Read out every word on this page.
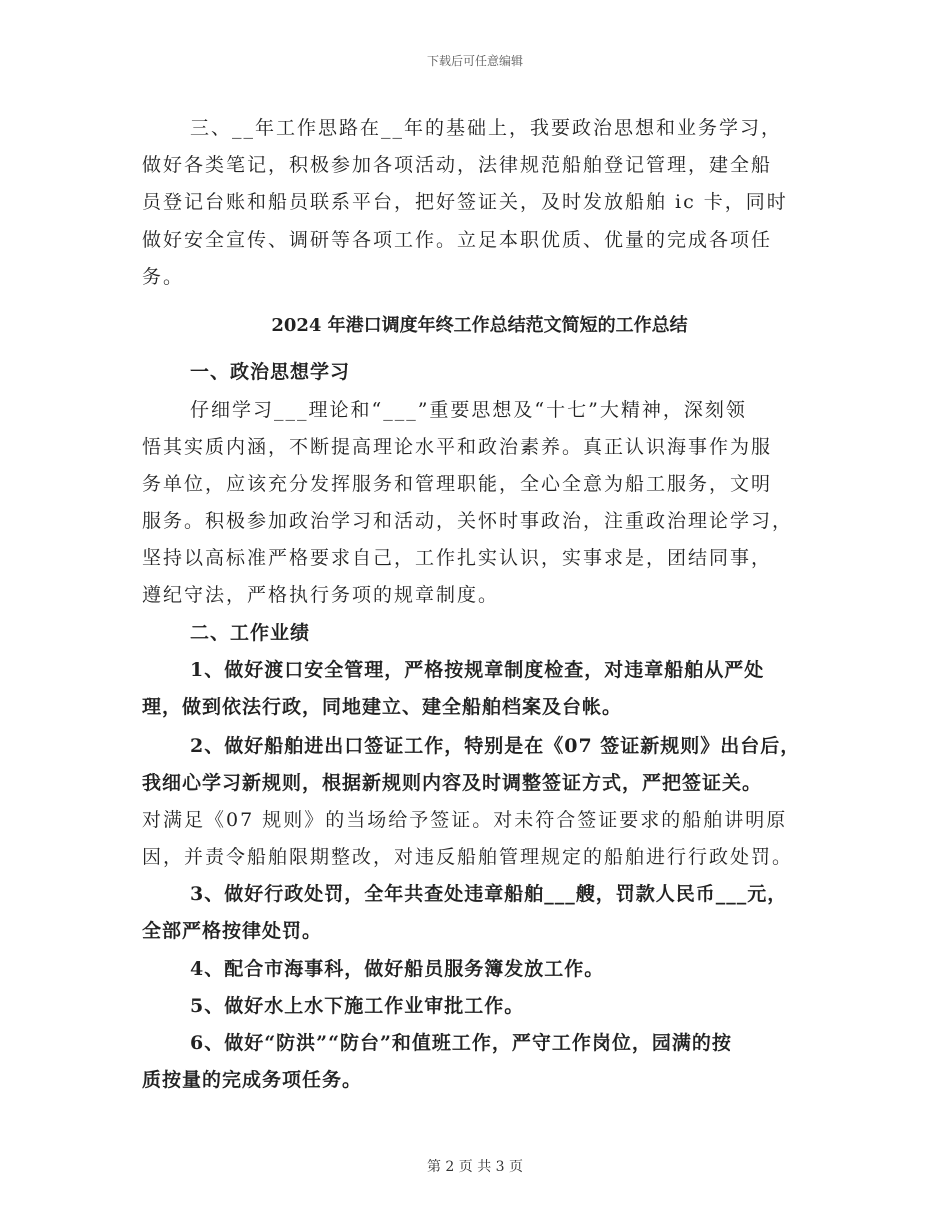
下载后可任意编辑
三、__年工作思路在__年的基础上，我要政治思想和业务学习，
做好各类笔记，积极参加各项活动，法律规范船舶登记管理，建全船
员登记台账和船员联系平台，把好签证关，及时发放船舶 ic 卡，同时
做好安全宣传、调研等各项工作。立足本职优质、优量的完成各项任
务。
2024 年港口调度年终工作总结范文简短的工作总结
一、政治思想学习
仔细学习___理论和“___”重要思想及“十七”大精神，深刻领
悟其实质内涵，不断提高理论水平和政治素养。真正认识海事作为服
务单位，应该充分发挥服务和管理职能，全心全意为船工服务，文明
服务。积极参加政治学习和活动，关怀时事政治，注重政治理论学习，
坚持以高标准严格要求自己，工作扎实认识，实事求是，团结同事，
遵纪守法，严格执行务项的规章制度。
二、工作业绩
1、做好渡口安全管理，严格按规章制度检查，对违章船舶从严处
理，做到依法行政，同地建立、建全船舶档案及台帐。
2、做好船舶进出口签证工作，特别是在《07 签证新规则》出台后，
我细心学习新规则，根据新规则内容及时调整签证方式，严把签证关。
对满足《07 规则》的当场给予签证。对未符合签证要求的船舶讲明原
因，并责令船舶限期整改，对违反船舶管理规定的船舶进行行政处罚。
3、做好行政处罚，全年共查处违章船舶___艘，罚款人民币___元，
全部严格按律处罚。
4、配合市海事科，做好船员服务簿发放工作。
5、做好水上水下施工作业审批工作。
6、做好“防洪”“防台”和值班工作，严守工作岗位，园满的按
质按量的完成务项任务。
第 2 页 共 3 页
